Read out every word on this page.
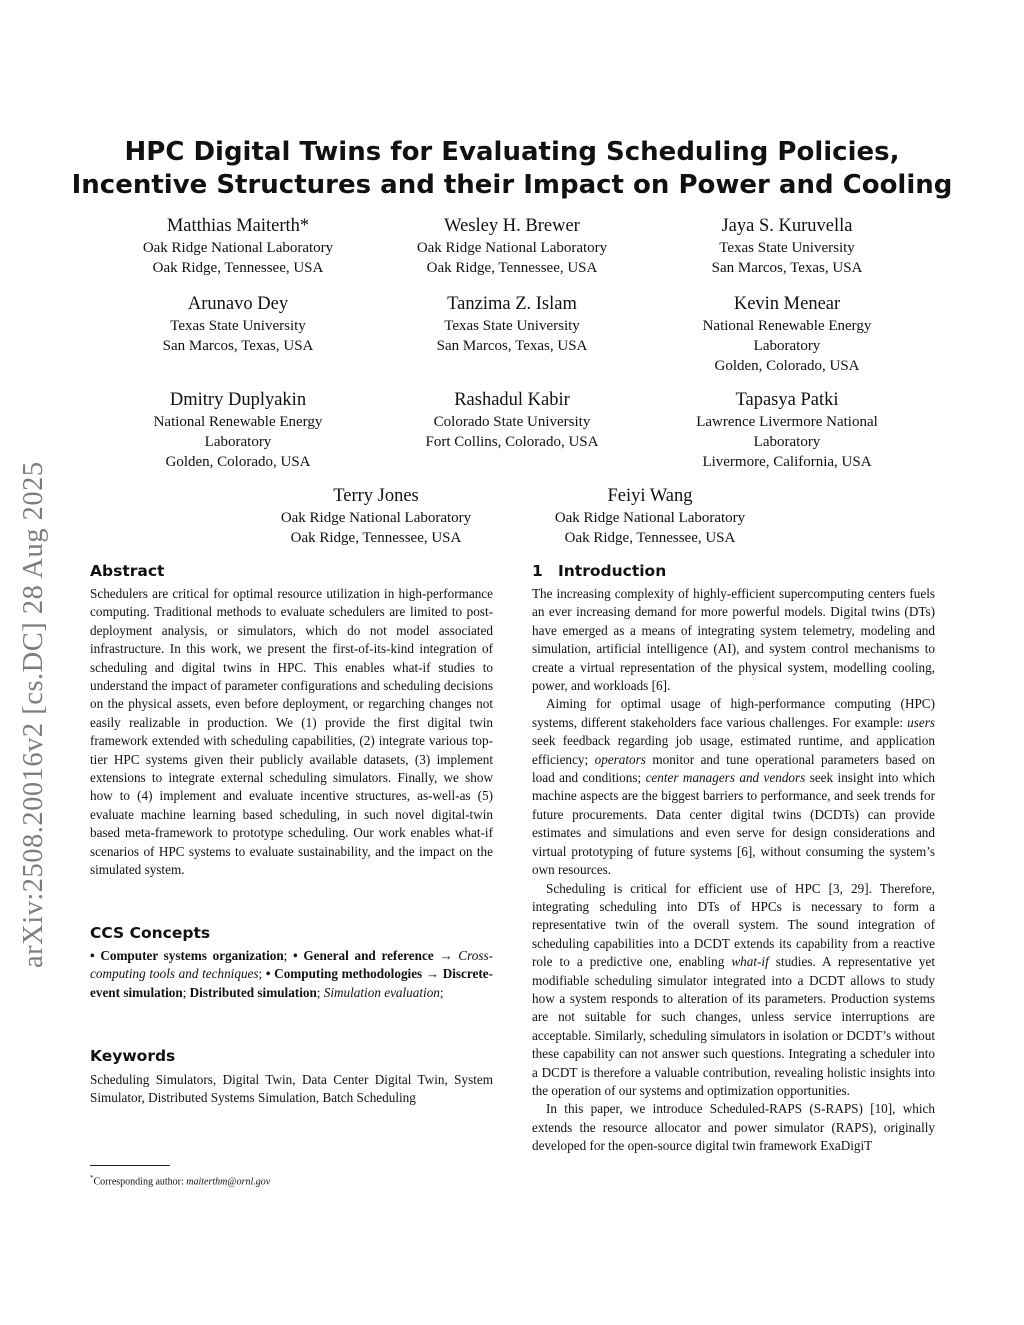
arXiv:2508.20016v2 [cs.DC] 28 Aug 2025
HPC Digital Twins for Evaluating Scheduling Policies, Incentive Structures and their Impact on Power and Cooling
Matthias Maiterth*
Oak Ridge National Laboratory
Oak Ridge, Tennessee, USA
Wesley H. Brewer
Oak Ridge National Laboratory
Oak Ridge, Tennessee, USA
Jaya S. Kuruvella
Texas State University
San Marcos, Texas, USA
Arunavo Dey
Texas State University
San Marcos, Texas, USA
Tanzima Z. Islam
Texas State University
San Marcos, Texas, USA
Kevin Menear
National Renewable Energy
Laboratory
Golden, Colorado, USA
Dmitry Duplyakin
National Renewable Energy
Laboratory
Golden, Colorado, USA
Rashadul Kabir
Colorado State University
Fort Collins, Colorado, USA
Tapasya Patki
Lawrence Livermore National
Laboratory
Livermore, California, USA
Terry Jones
Oak Ridge National Laboratory
Oak Ridge, Tennessee, USA
Feiyi Wang
Oak Ridge National Laboratory
Oak Ridge, Tennessee, USA
Abstract

Schedulers are critical for optimal resource utilization in high-performance computing. Traditional methods to evaluate schedulers are limited to post-deployment analysis, or simulators, which do not model associated infrastructure. In this work, we present the first-of-its-kind integration of scheduling and digital twins in HPC. This enables what-if studies to understand the impact of parameter configurations and scheduling decisions on the physical assets, even before deployment, or regarching changes not easily realizable in production. We (1) provide the first digital twin framework extended with scheduling capabilities, (2) integrate various top-tier HPC systems given their publicly available datasets, (3) implement extensions to integrate external scheduling simulators. Finally, we show how to (4) implement and evaluate incentive structures, as-well-as (5) evaluate machine learning based scheduling, in such novel digital-twin based meta-framework to prototype scheduling. Our work enables what-if scenarios of HPC systems to evaluate sustainability, and the impact on the simulated system.

CCS Concepts

• Computer systems organization; • General and reference → Cross-computing tools and techniques; • Computing methodologies → Discrete-event simulation; Distributed simulation; Simulation evaluation;

Keywords

Scheduling Simulators, Digital Twin, Data Center Digital Twin, System Simulator, Distributed Systems Simulation, Batch Scheduling

*Corresponding author: maiterthm@ornl.gov
1 Introduction

The increasing complexity of highly-efficient supercomputing centers fuels an ever increasing demand for more powerful models. Digital twins (DTs) have emerged as a means of integrating system telemetry, modeling and simulation, artificial intelligence (AI), and system control mechanisms to create a virtual representation of the physical system, modelling cooling, power, and workloads [6].

Aiming for optimal usage of high-performance computing (HPC) systems, different stakeholders face various challenges. For example: users seek feedback regarding job usage, estimated runtime, and application efficiency; operators monitor and tune operational parameters based on load and conditions; center managers and vendors seek insight into which machine aspects are the biggest barriers to performance, and seek trends for future procurements. Data center digital twins (DCDTs) can provide estimates and simulations and even serve for design considerations and virtual prototyping of future systems [6], without consuming the system’s own resources.

Scheduling is critical for efficient use of HPC [3, 29]. Therefore, integrating scheduling into DTs of HPCs is necessary to form a representative twin of the overall system. The sound integration of scheduling capabilities into a DCDT extends its capability from a reactive role to a predictive one, enabling what-if studies. A representative yet modifiable scheduling simulator integrated into a DCDT allows to study how a system responds to alteration of its parameters. Production systems are not suitable for such changes, unless service interruptions are acceptable. Similarly, scheduling simulators in isolation or DCDT’s without these capability can not answer such questions. Integrating a scheduler into a DCDT is therefore a valuable contribution, revealing holistic insights into the operation of our systems and optimization opportunities.

In this paper, we introduce Scheduled-RAPS (S-RAPS) [10], which extends the resource allocator and power simulator (RAPS), originally developed for the open-source digital twin framework ExaDigiT
